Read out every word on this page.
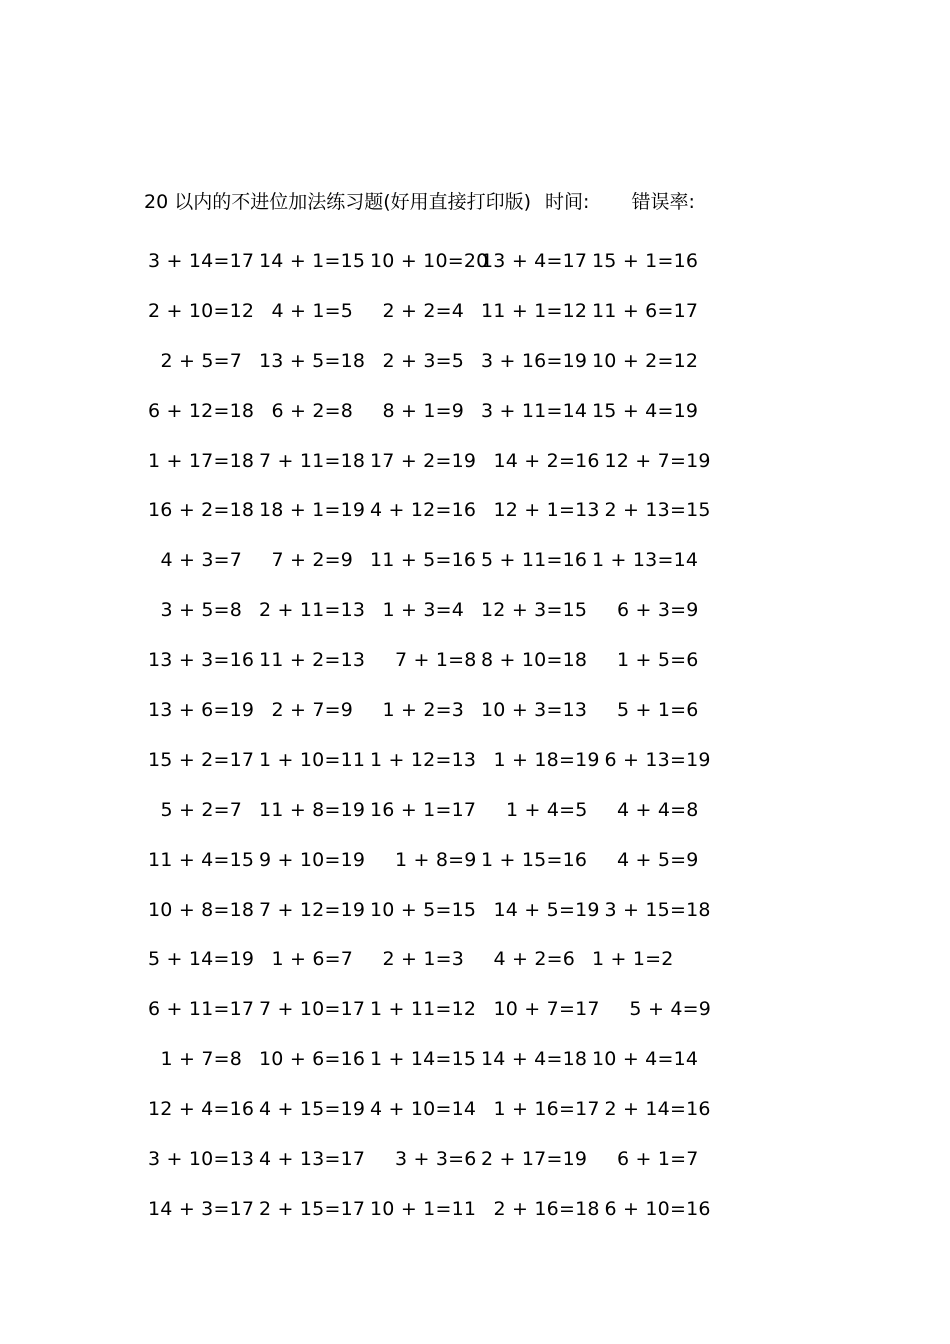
20 以内的不进位加法练习题(好用直接打印版) 时间: 错误率:
3 + 14=17 14 + 1=15 10 + 10=20
13 + 4=17 15 + 1=16
2 + 10=12 4 + 1=5 2 + 2=4 11 + 1=12 11 + 6=17
2 + 5=7 13 + 5=18 2 + 3=5 3 + 16=19 10 + 2=12
6 + 12=18 6 + 2=8 8 + 1=9 3 + 11=14 15 + 4=19
1 + 17=18 7 + 11=18 17 + 2=19 14 + 2=16
12 + 7=19
16 + 2=18 18 + 1=19 4 + 12=16 12 + 1=13
2 + 13=15
4 + 3=7 7 + 2=9 11 + 5=16 5 + 11=16 1 + 13=14
3 + 5=8 2 + 11=13 1 + 3=4 12 + 3=15 6 + 3=9
13 + 3=16 11 + 2=13 7 + 1=8 8 + 10=18 1 + 5=6
13 + 6=19 2 + 7=9 1 + 2=3 10 + 3=13 5 + 1=6
15 + 2=17 1 + 10=11 1 + 12=13 1 + 18=19
6 + 13=19
5 + 2=7 11 + 8=19 16 + 1=17 1 + 4=5 4 + 4=8
11 + 4=15 9 + 10=19 1 + 8=9 1 + 15=16 4 + 5=9
10 + 8=18 7 + 12=19 10 + 5=15 14 + 5=19
3 + 15=18
5 + 14=19 1 + 6=7 2 + 1=3 4 + 2=6 1 + 1=2
6 + 11=17 7 + 10=17 1 + 11=12 10 + 7=17
5 + 4=9
1 + 7=8 10 + 6=16 1 + 14=15 14 + 4=18 10 + 4=14
12 + 4=16 4 + 15=19 4 + 10=14 1 + 16=17
2 + 14=16
3 + 10=13 4 + 13=17 3 + 3=6 2 + 17=19 6 + 1=7
14 + 3=17 2 + 15=17 10 + 1=11 2 + 16=18
6 + 10=16
